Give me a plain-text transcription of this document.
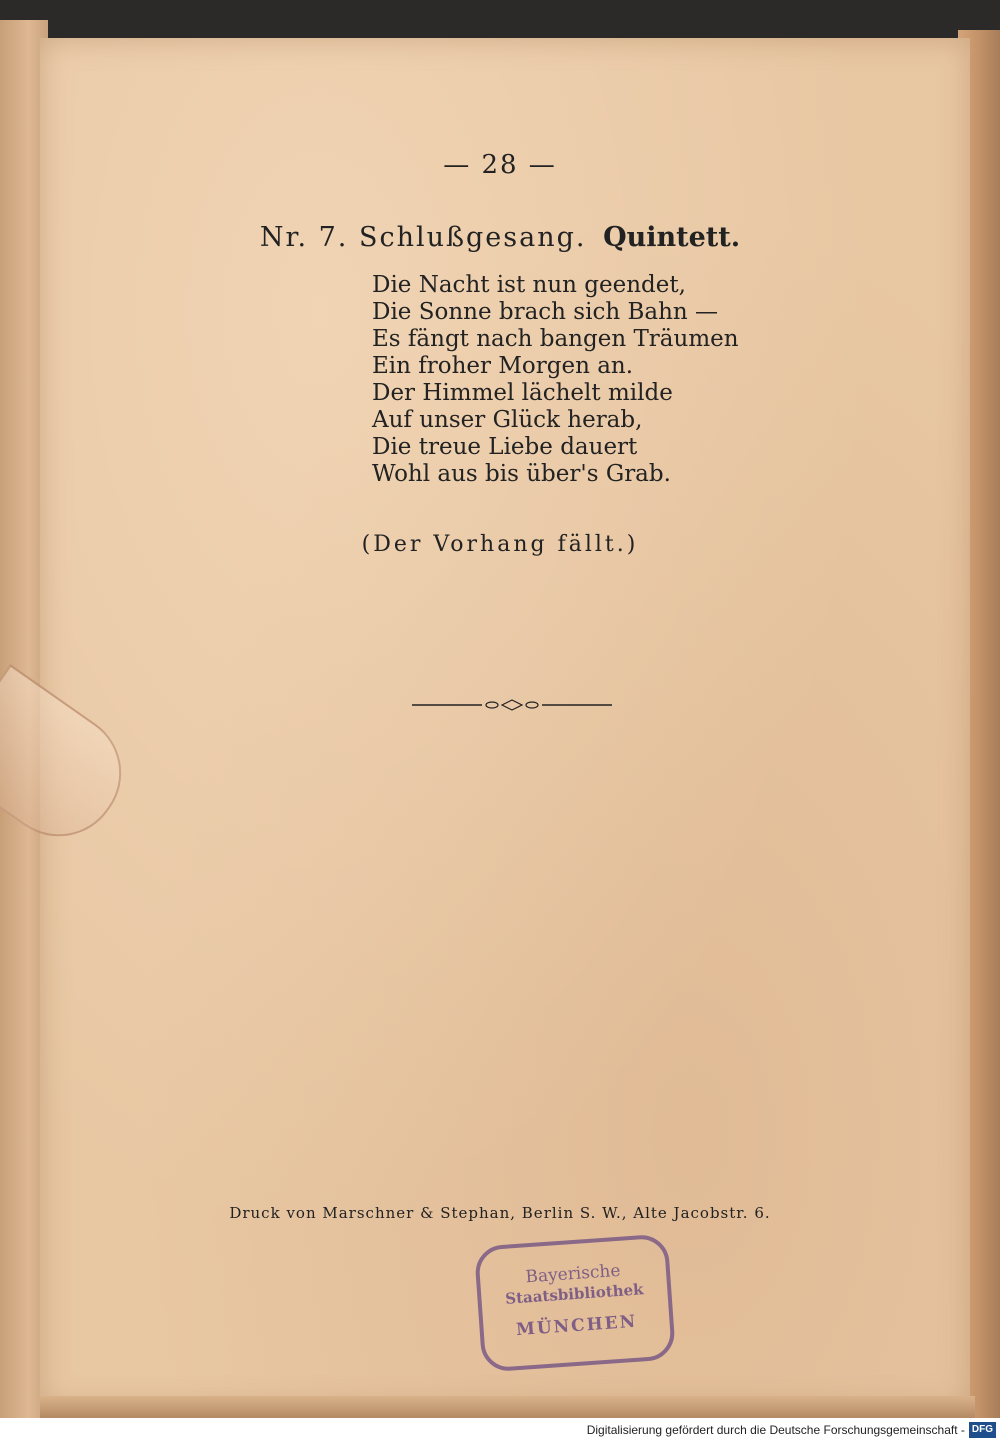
— 28 —
Nr. 7. Schlußgesang. Quintett.
Die Nacht ist nun geendet,
Die Sonne brach sich Bahn —
Es fängt nach bangen Träumen
Ein froher Morgen an.
Der Himmel lächelt milde
Auf unser Glück herab,
Die treue Liebe dauert
Wohl aus bis über's Grab.
(Der Vorhang fällt.)
Druck von Marschner & Stephan, Berlin S. W., Alte Jacobstr. 6.
Bayerische
Staatsbibliothek
MÜNCHEN
Digitalisierung gefördert durch die Deutsche Forschungsgemeinschaft - DFG
